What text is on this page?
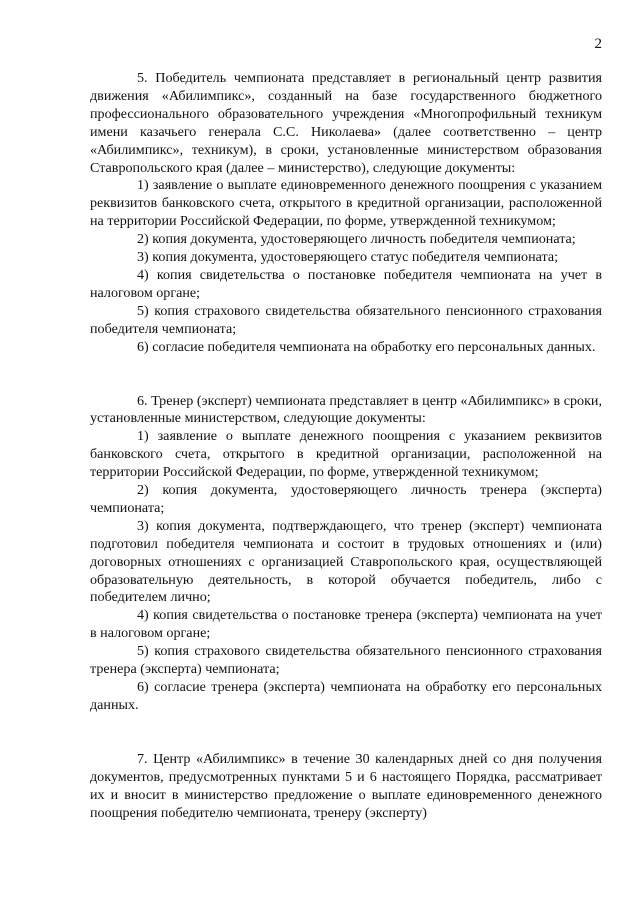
2

5. Победитель чемпионата представляет в региональный центр развития движения «Абилимпикс», созданный на базе государственного бюджетного профессионального образовательного учреждения «Многопрофильный техникум имени казачьего генерала С.С. Николаева» (далее соответственно – центр «Абилимпикс», техникум), в сроки, установленные министерством образования Ставропольского края (далее – министерство), следующие документы:

1) заявление о выплате единовременного денежного поощрения с указанием реквизитов банковского счета, открытого в кредитной организации, расположенной на территории Российской Федерации, по форме, утвержденной техникумом;

2) копия документа, удостоверяющего личность победителя чемпионата;

3) копия документа, удостоверяющего статус победителя чемпионата;

4) копия свидетельства о постановке победителя чемпионата на учет в налоговом органе;

5) копия страхового свидетельства обязательного пенсионного страхования победителя чемпионата;

6) согласие победителя чемпионата на обработку его персональных данных.

6. Тренер (эксперт) чемпионата представляет в центр «Абилимпикс» в сроки, установленные министерством, следующие документы:

1) заявление о выплате денежного поощрения с указанием реквизитов банковского счета, открытого в кредитной организации, расположенной на территории Российской Федерации, по форме, утвержденной техникумом;

2) копия документа, удостоверяющего личность тренера (эксперта) чемпионата;

3) копия документа, подтверждающего, что тренер (эксперт) чемпионата подготовил победителя чемпионата и состоит в трудовых отношениях и (или) договорных отношениях с организацией Ставропольского края, осуществляющей образовательную деятельность, в которой обучается победитель, либо с победителем лично;

4) копия свидетельства о постановке тренера (эксперта) чемпионата на учет в налоговом органе;

5) копия страхового свидетельства обязательного пенсионного страхования тренера (эксперта) чемпионата;

6) согласие тренера (эксперта) чемпионата на обработку его персональных данных.

7. Центр «Абилимпикс» в течение 30 календарных дней со дня получения документов, предусмотренных пунктами 5 и 6 настоящего Порядка, рассматривает их и вносит в министерство предложение о выплате единовременного денежного поощрения победителю чемпионата, тренеру (эксперту)
